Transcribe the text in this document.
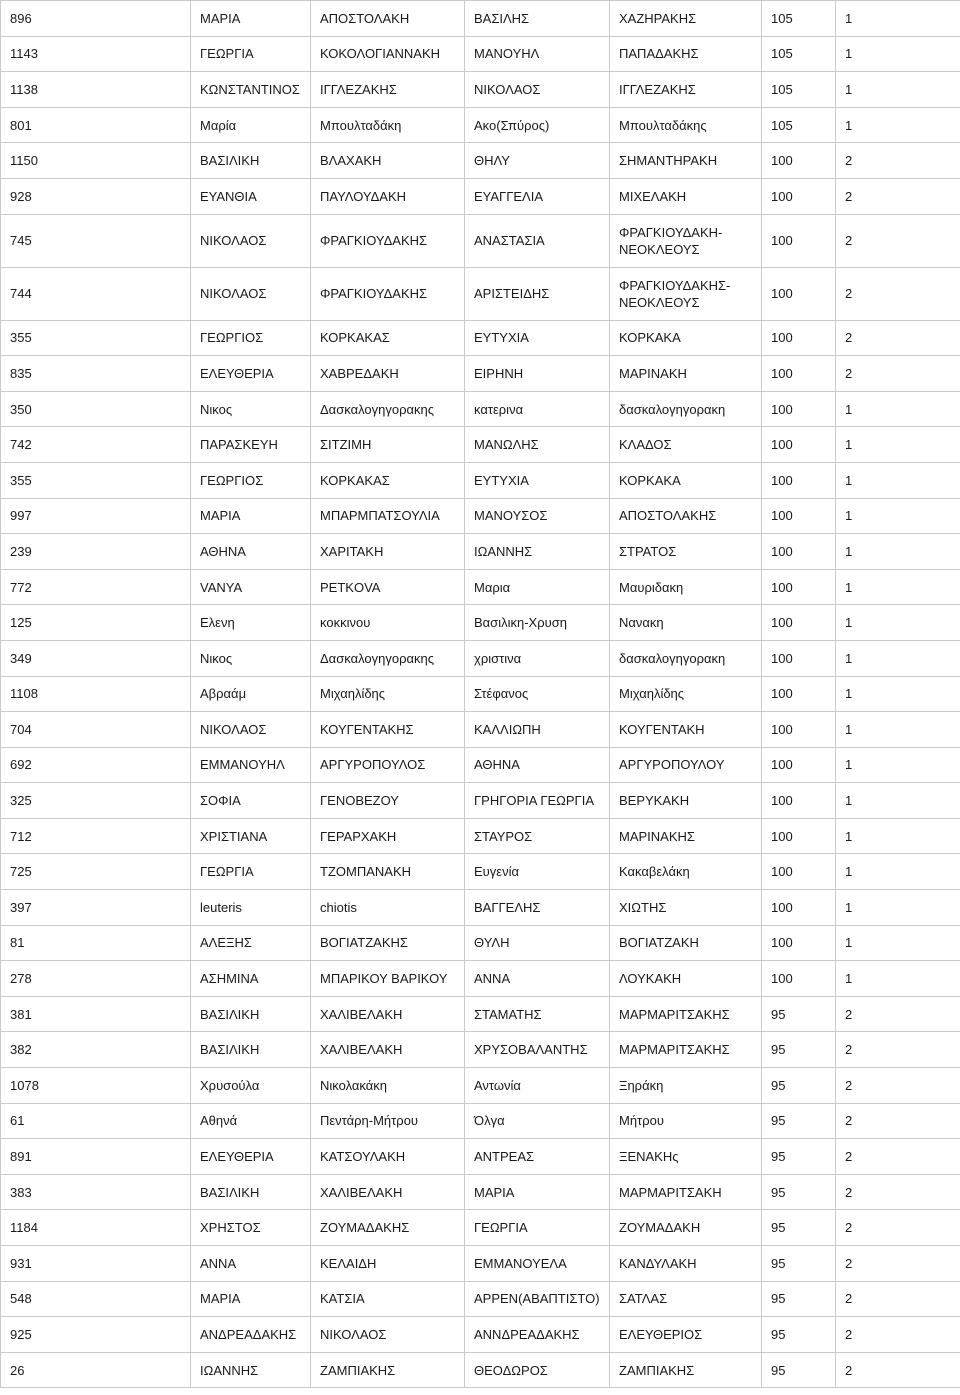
896	ΜΑΡΙΑ	ΑΠΟΣΤΟΛΑΚΗ	ΒΑΣΙΛΗΣ	ΧΑΖΗΡΑΚΗΣ	105	1
1143	ΓΕΩΡΓΙΑ	ΚΟΚΟΛΟΓΙΑΝΝΑΚΗ	ΜΑΝΟΥΗΛ	ΠΑΠΑΔΑΚΗΣ	105	1
1138	ΚΩΝΣΤΑΝΤΙΝΟΣ	ΙΓΓΛΕΖΑΚΗΣ	ΝΙΚΟΛΑΟΣ	ΙΓΓΛΕΖΑΚΗΣ	105	1
801	Μαρία	Μπουλταδάκη	Ακο(Σπύρος)	Μπουλταδάκης	105	1
1150	ΒΑΣΙΛΙΚΗ	ΒΛΑΧΑΚΗ	ΘΗΛΥ	ΣΗΜΑΝΤΗΡΑΚΗ	100	2
928	ΕΥΑΝΘΙΑ	ΠΑΥΛΟΥΔΑΚΗ	ΕΥΑΓΓΕΛΙΑ	ΜΙΧΕΛΑΚΗ	100	2
745	ΝΙΚΟΛΑΟΣ	ΦΡΑΓΚΙΟΥΔΑΚΗΣ	ΑΝΑΣΤΑΣΙΑ	ΦΡΑΓΚΙΟΥΔΑΚΗ-​ΝΕΟΚΛΕΟΥΣ	100	2
744	ΝΙΚΟΛΑΟΣ	ΦΡΑΓΚΙΟΥΔΑΚΗΣ	ΑΡΙΣΤΕΙΔΗΣ	ΦΡΑΓΚΙΟΥΔΑΚΗΣ-​ΝΕΟΚΛΕΟΥΣ	100	2
355	ΓΕΩΡΓΙΟΣ	ΚΟΡΚΑΚΑΣ	ΕΥΤΥΧΙΑ	ΚΟΡΚΑΚΑ	100	2
835	ΕΛΕΥΘΕΡΙΑ	ΧΑΒΡΕΔΑΚΗ	ΕΙΡΗΝΗ	ΜΑΡΙΝΑΚΗ	100	2
350	Νικος	Δασκαλογηγορακης	κατερινα	δασκαλογηγορακη	100	1
742	ΠΑΡΑΣΚΕΥΗ	ΣΙΤΖΙΜΗ	ΜΑΝΩΛΗΣ	ΚΛΑΔΟΣ	100	1
355	ΓΕΩΡΓΙΟΣ	ΚΟΡΚΑΚΑΣ	ΕΥΤΥΧΙΑ	ΚΟΡΚΑΚΑ	100	1
997	ΜΑΡΙΑ	ΜΠΑΡΜΠΑΤΣΟΥΛΙΑ	ΜΑΝΟΥΣΟΣ	ΑΠΟΣΤΟΛΑΚΗΣ	100	1
239	ΑΘΗΝΑ	ΧΑΡΙΤΑΚΗ	ΙΩΑΝΝΗΣ	ΣΤΡΑΤΟΣ	100	1
772	VANYA	PETKOVA	Μαρια	Μαυριδακη	100	1
125	Ελενη	κοκκινου	Βασιλικη-Χρυση	Νανακη	100	1
349	Νικος	Δασκαλογηγορακης	χριστινα	δασκαλογηγορακη	100	1
1108	Αβραάμ	Μιχαηλίδης	Στέφανος	Μιχαηλίδης	100	1
704	ΝΙΚΟΛΑΟΣ	ΚΟΥΓΕΝΤΑΚΗΣ	ΚΑΛΛΙΩΠΗ	ΚΟΥΓΕΝΤΑΚΗ	100	1
692	ΕΜΜΑΝΟΥΗΛ	ΑΡΓΥΡΟΠΟΥΛΟΣ	ΑΘΗΝΑ	ΑΡΓΥΡΟΠΟΥΛΟΥ	100	1
325	ΣΟΦΙΑ	ΓΕΝΟΒΕΖΟΥ	ΓΡΗΓΟΡΙΑ ΓΕΩΡΓΙΑ	ΒΕΡΥΚΑΚΗ	100	1
712	ΧΡΙΣΤΙΑΝΑ	ΓΕΡΑΡΧΑΚΗ	ΣΤΑΥΡΟΣ	ΜΑΡΙΝΑΚΗΣ	100	1
725	ΓΕΩΡΓΙΑ	ΤΖΟΜΠΑΝΑΚΗ	Ευγενία	Κακαβελάκη	100	1
397	leuteris	chiotis	ΒΑΓΓΕΛΗΣ	ΧΙΩΤΗΣ	100	1
81	ΑΛΕΞΗΣ	ΒΟΓΙΑΤΖΑΚΗΣ	ΘΥΛΗ	ΒΟΓΙΑΤΖΑΚΗ	100	1
278	ΑΣΗΜΙΝΑ	ΜΠΑΡΙΚΟΥ ΒΑΡΙΚΟΥ	ΑΝΝΑ	ΛΟΥΚΑΚΗ	100	1
381	ΒΑΣΙΛΙΚΗ	ΧΑΛΙΒΕΛΑΚΗ	ΣΤΑΜΑΤΗΣ	ΜΑΡΜΑΡΙΤΣΑΚΗΣ	95	2
382	ΒΑΣΙΛΙΚΗ	ΧΑΛΙΒΕΛΑΚΗ	ΧΡΥΣΟΒΑΛΑΝΤΗΣ	ΜΑΡΜΑΡΙΤΣΑΚΗΣ	95	2
1078	Χρυσούλα	Νικολακάκη	Αντωνία	Ξηράκη	95	2
61	Αθηνά	Πεντάρη-Μήτρου	Όλγα	Μήτρου	95	2
891	ΕΛΕΥΘΕΡΙΑ	ΚΑΤΣΟΥΛΑΚΗ	ΑΝΤΡΕΑΣ	ΞΕΝΑΚΗς	95	2
383	ΒΑΣΙΛΙΚΗ	ΧΑΛΙΒΕΛΑΚΗ	ΜΑΡΙΑ	ΜΑΡΜΑΡΙΤΣΑΚΗ	95	2
1184	ΧΡΗΣΤΟΣ	ΖΟΥΜΑΔΑΚΗΣ	ΓΕΩΡΓΙΑ	ΖΟΥΜΑΔΑΚΗ	95	2
931	ΑΝΝΑ	ΚΕΛΑΙΔΗ	ΕΜΜΑΝΟΥΕΛΑ	ΚΑΝΔΥΛΑΚΗ	95	2
548	ΜΑΡΙΑ	ΚΑΤΣΙΑ	ΑΡΡΕΝ(ΑΒΑΠΤΙΣΤΟ)	ΣΑΤΛΑΣ	95	2
925	ΑΝΔΡΕΑΔΑΚΗΣ	ΝΙΚΟΛΑΟΣ	ΑΝΝΔΡΕΑΔΑΚΗΣ	ΕΛΕΥΘΕΡΙΟΣ	95	2
26	ΙΩΑΝΝΗΣ	ΖΑΜΠΙΑΚΗΣ	ΘΕΟΔΩΡΟΣ	ΖΑΜΠΙΑΚΗΣ	95	2
